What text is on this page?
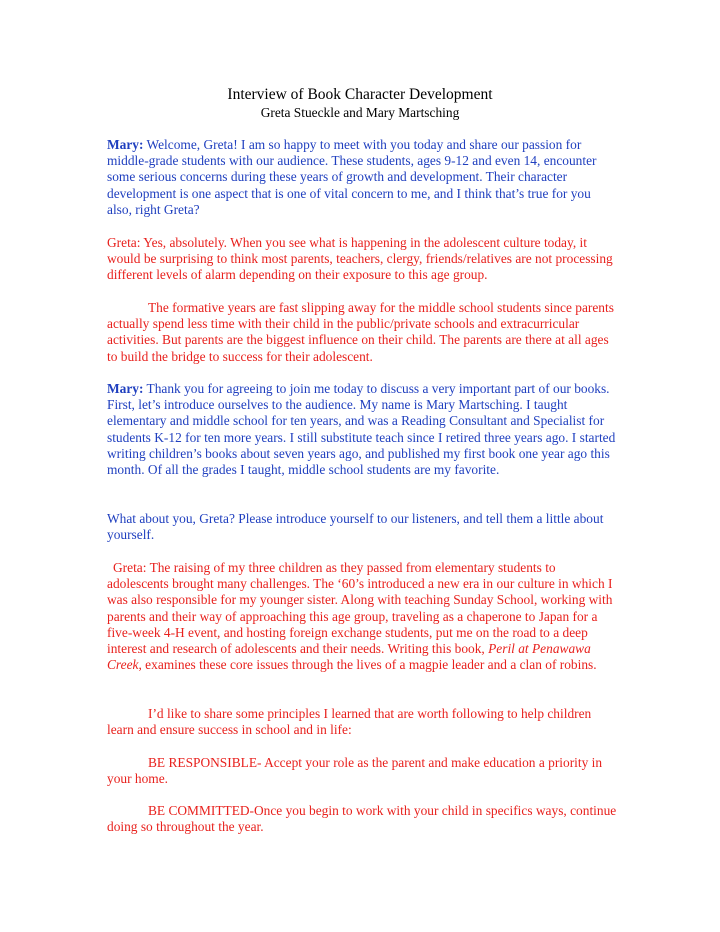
Interview of Book Character Development
Greta Stueckle and Mary Martsching

Mary: Welcome, Greta! I am so happy to meet with you today and share our passion for middle-grade students with our audience. These students, ages 9-12 and even 14, encounter some serious concerns during these years of growth and development. Their character development is one aspect that is one of vital concern to me, and I think that’s true for you also, right Greta?

Greta: Yes, absolutely. When you see what is happening in the adolescent culture today, it would be surprising to think most parents, teachers, clergy, friends/relatives are not processing different levels of alarm depending on their exposure to this age group.

The formative years are fast slipping away for the middle school students since parents actually spend less time with their child in the public/private schools and extracurricular activities. But parents are the biggest influence on their child. The parents are there at all ages to build the bridge to success for their adolescent.

Mary: Thank you for agreeing to join me today to discuss a very important part of our books. First, let’s introduce ourselves to the audience. My name is Mary Martsching. I taught elementary and middle school for ten years, and was a Reading Consultant and Specialist for students K-12 for ten more years. I still substitute teach since I retired three years ago. I started writing children’s books about seven years ago, and published my first book one year ago this month. Of all the grades I taught, middle school students are my favorite.

What about you, Greta? Please introduce yourself to our listeners, and tell them a little about yourself.

Greta: The raising of my three children as they passed from elementary students to adolescents brought many challenges. The ‘60’s introduced a new era in our culture in which I was also responsible for my younger sister. Along with teaching Sunday School, working with parents and their way of approaching this age group, traveling as a chaperone to Japan for a five-week 4-H event, and hosting foreign exchange students, put me on the road to a deep interest and research of adolescents and their needs. Writing this book, Peril at Penawawa Creek, examines these core issues through the lives of a magpie leader and a clan of robins.

I’d like to share some principles I learned that are worth following to help children learn and ensure success in school and in life:

BE RESPONSIBLE- Accept your role as the parent and make education a priority in your home.

BE COMMITTED-Once you begin to work with your child in specifics ways, continue doing so throughout the year.
